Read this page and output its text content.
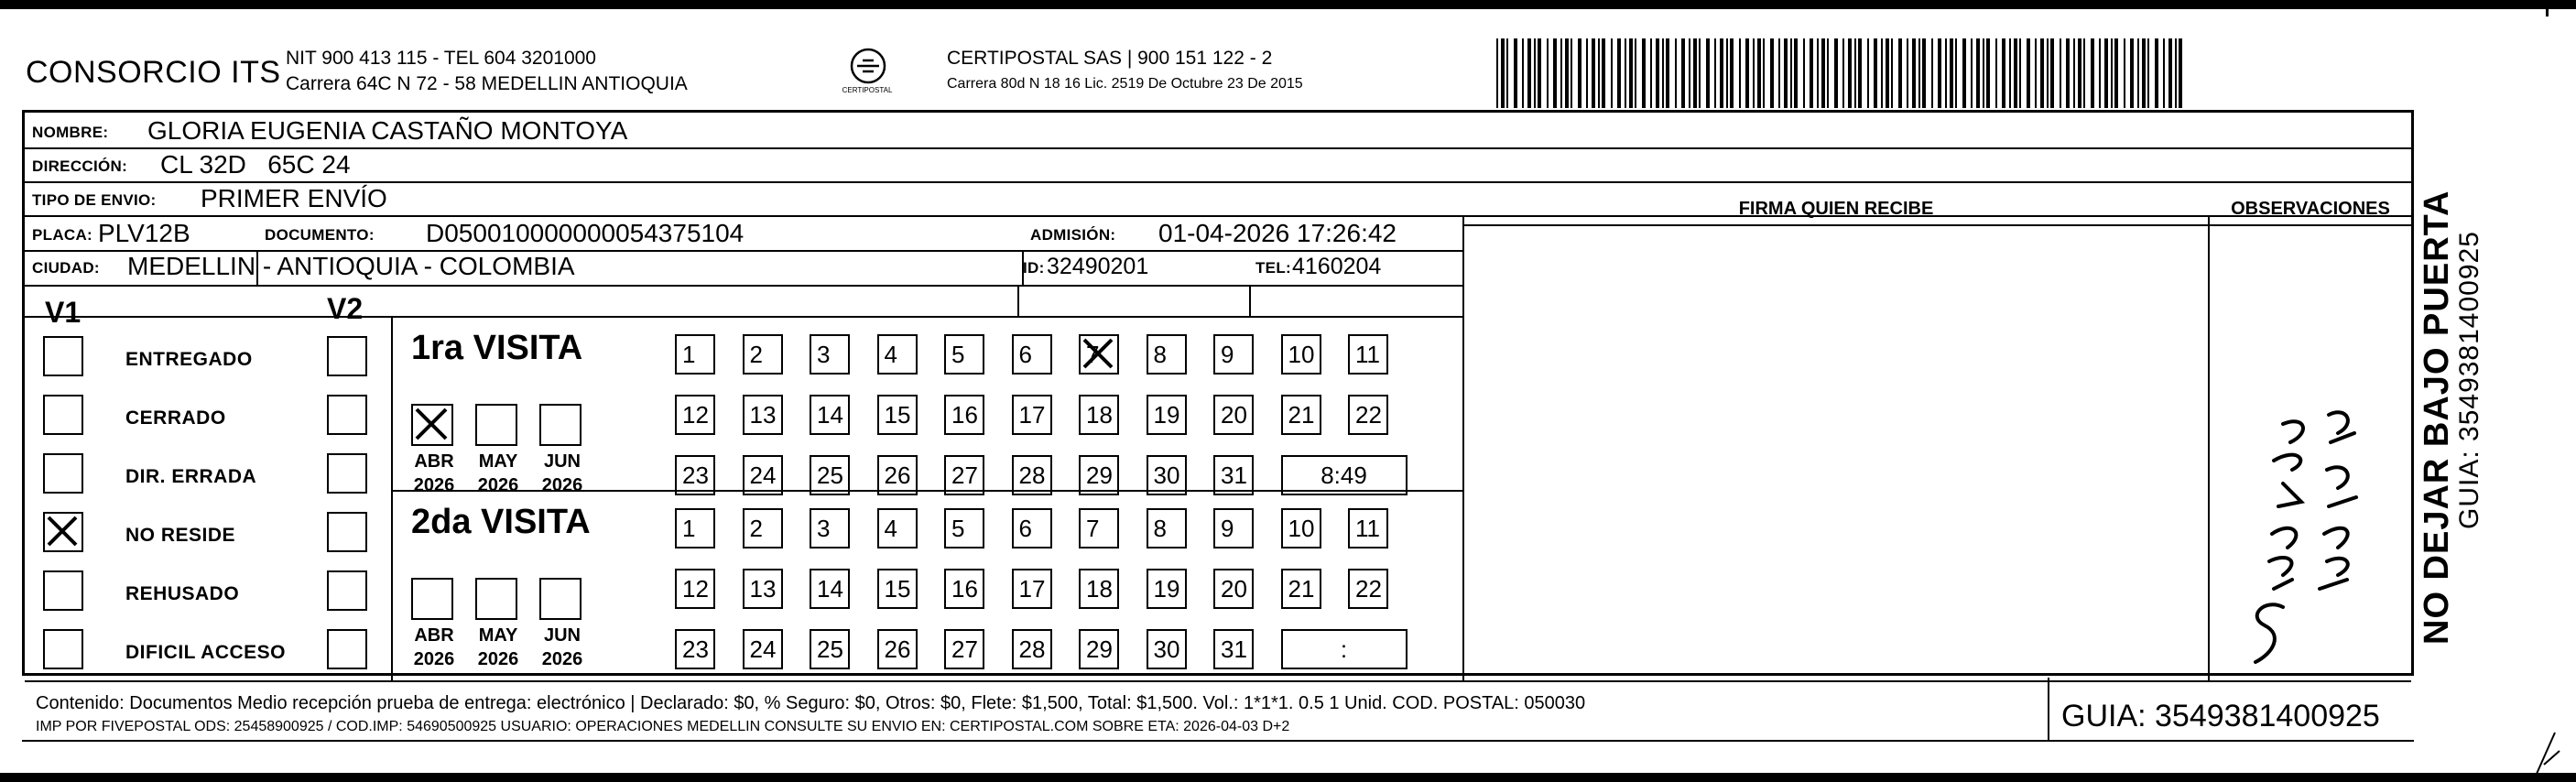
CONSORCIO ITS NIT 900 413 115 - TEL 604 3201000
Carrera 64C N 72 - 58 MEDELLIN ANTIOQUIA	CERTIPOSTAL
CERTIPOSTAL SAS | 900 151 122 - 2
Carrera 80d N 18 16 Lic. 2519 De Octubre 23 De 2015
NOMBRE: GLORIA EUGENIA CASTAÑO MONTOYA
DIRECCIÓN: CL 32D   65C 24
TIPO DE ENVIO: PRIMER ENVÍO	FIRMA QUIEN RECIBE	OBSERVACIONES
PLACA: PLV12B	DOCUMENTO: D050010000000054375104	ADMISIÓN: 01-04-2026 17:26:42
CIUDAD: MEDELLIN - ANTIOQUIA - COLOMBIA	ID: 32490201	TEL: 4160204
V1	V2
ENTREGADO
CERRADO
DIR. ERRADA
NO RESIDE
REHUSADO
DIFICIL ACCESO
1ra VISITA
ABR
2026
MAY
2026
JUN
2026
1	2	3	4	5	6	7	8	9	10	11
12	13	14	15	16	17	18	19	20	21	22
23	24	25	26	27	28	29	30	31	8:49
2da VISITA
ABR
2026
MAY
2026
JUN
2026
1	2	3	4	5	6	7	8	9	10	11
12	13	14	15	16	17	18	19	20	21	22
23	24	25	26	27	28	29	30	31	:
Contenido: Documentos Medio recepción prueba de entrega: electrónico | Declarado: $0, % Seguro: $0, Otros: $0, Flete: $1,500, Total: $1,500. Vol.: 1*1*1. 0.5 1 Unid. COD. POSTAL: 050030
IMP POR FIVEPOSTAL ODS: 25458900925 / COD.IMP: 54690500925 USUARIO: OPERACIONES MEDELLIN CONSULTE SU ENVIO EN: CERTIPOSTAL.COM SOBRE ETA: 2026-04-03 D+2	GUIA: 3549381400925
NO DEJAR BAJO PUERTA
GUIA: 3549381400925
